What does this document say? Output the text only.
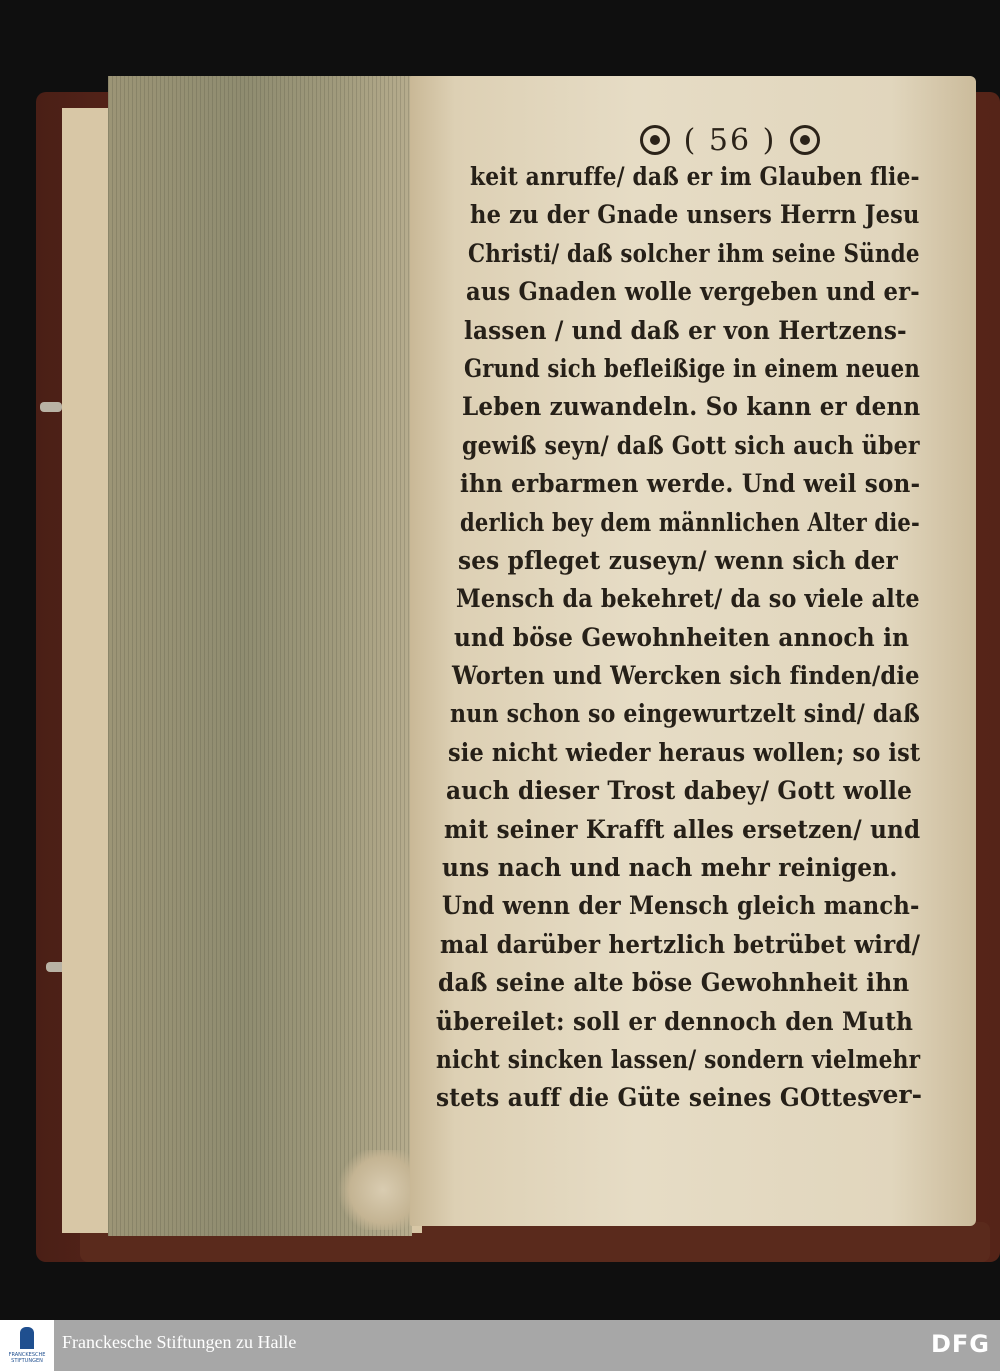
( 56 )
keit anruffe/ daß er im Glauben flie-
he zu der Gnade unsers Herrn Jesu
Christi/ daß solcher ihm seine Sünde
aus Gnaden wolle vergeben und er-
lassen / und daß er von Hertzens-
Grund sich befleißige in einem neuen
Leben zuwandeln. So kann er denn
gewiß seyn/ daß Gott sich auch über
ihn erbarmen werde. Und weil son-
derlich bey dem männlichen Alter die-
ses pfleget zuseyn/ wenn sich der
Mensch da bekehret/ da so viele alte
und böse Gewohnheiten annoch in
Worten und Wercken sich finden/die
nun schon so eingewurtzelt sind/ daß
sie nicht wieder heraus wollen; so ist
auch dieser Trost dabey/ Gott wolle
mit seiner Krafft alles ersetzen/ und
uns nach und nach mehr reinigen.
Und wenn der Mensch gleich manch-
mal darüber hertzlich betrübet wird/
daß seine alte böse Gewohnheit ihn
übereilet: soll er dennoch den Muth
nicht sincken lassen/ sondern vielmehr
stets auff die Güte seines GOttes
ver-
FRANCKESCHE STIFTUNGEN
Franckesche Stiftungen zu Halle	DFG
